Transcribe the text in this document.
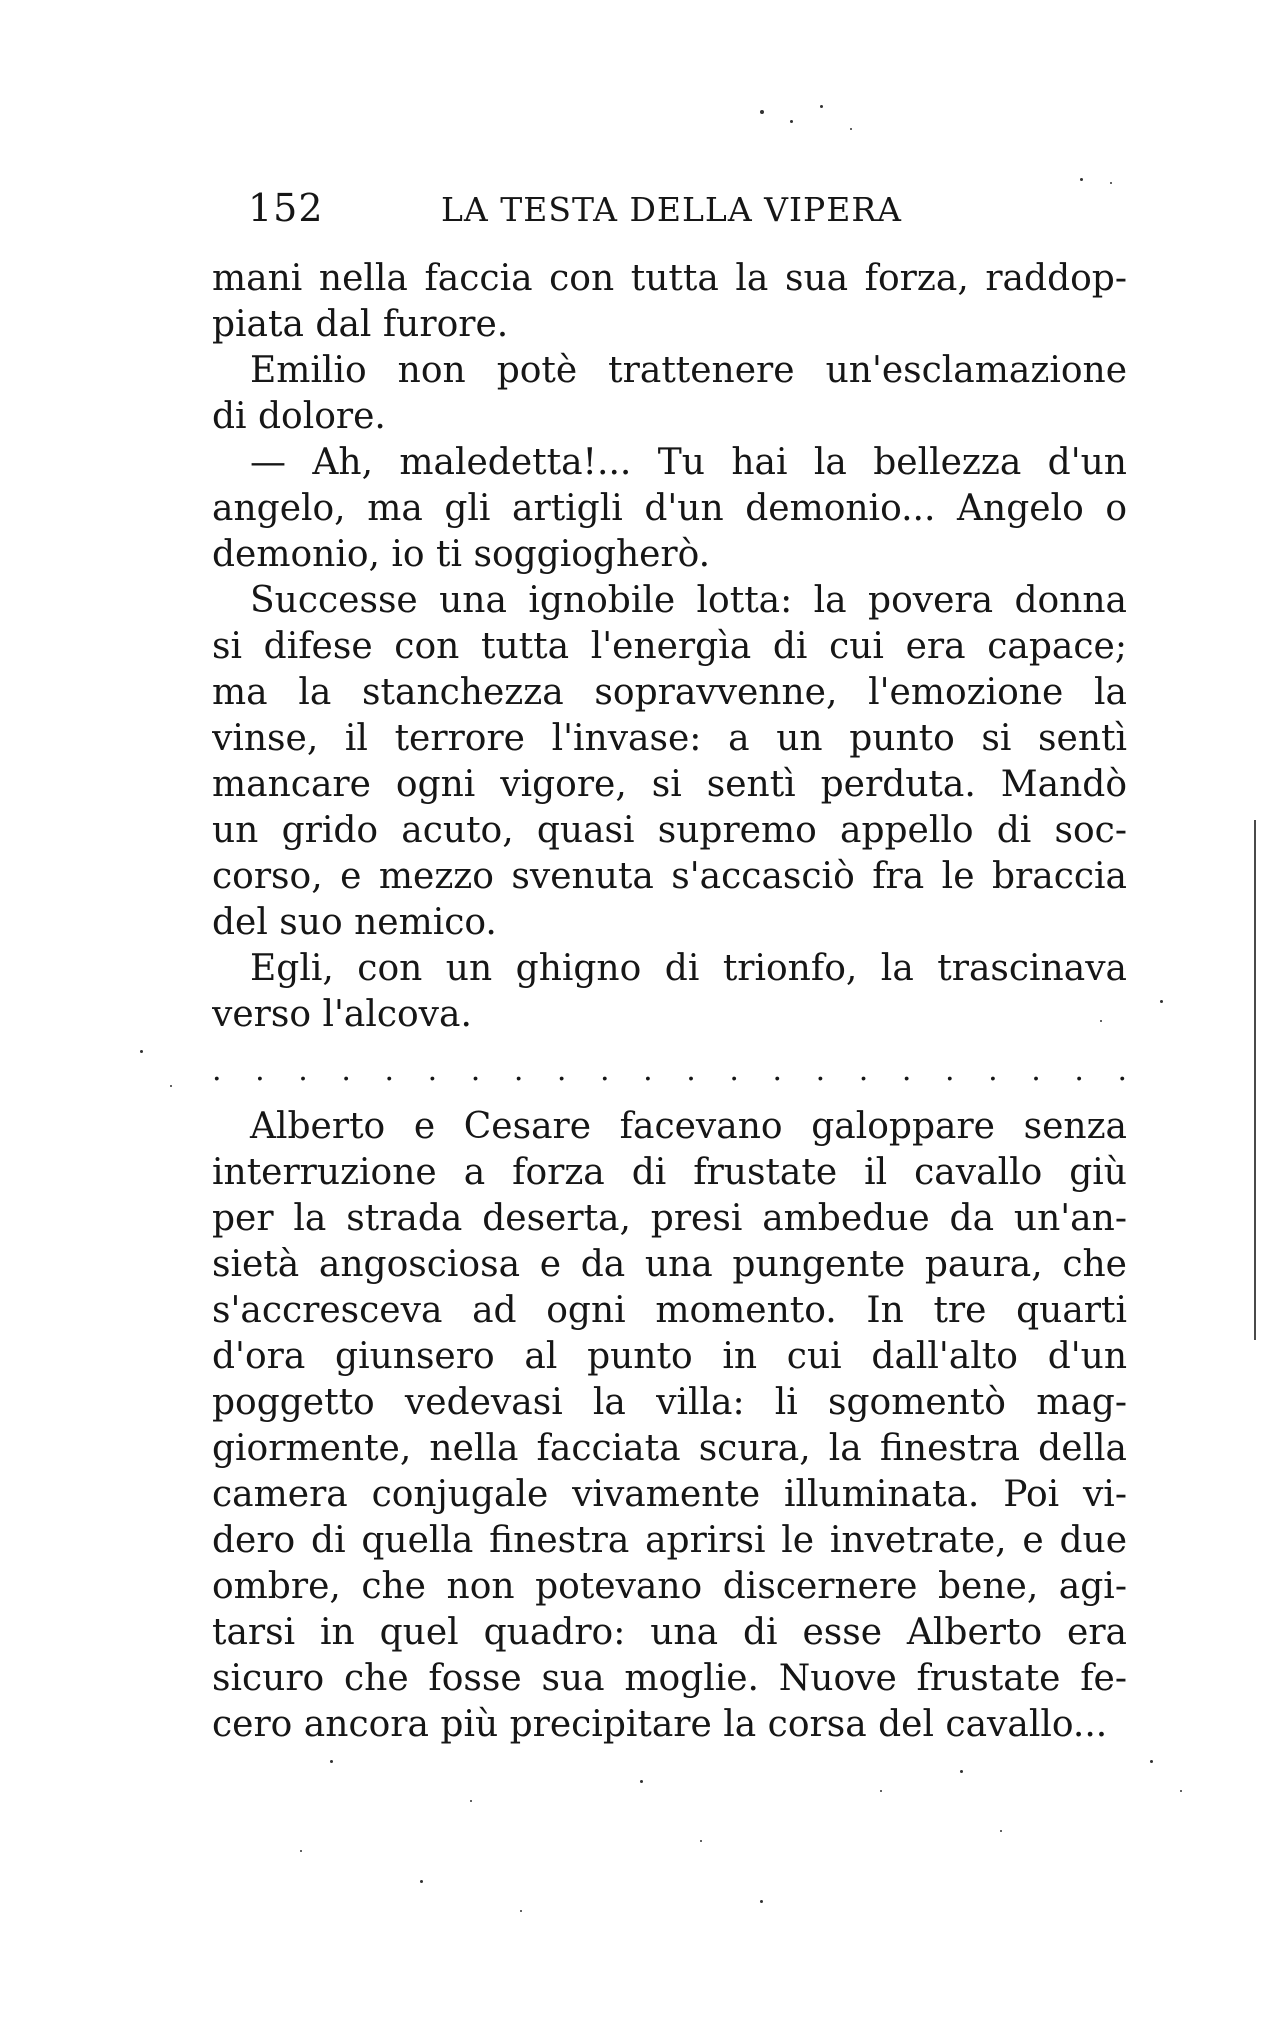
152	LA TESTA DELLA VIPERA
mani nella faccia con tutta la sua forza, raddop-
piata dal furore.
Emilio non potè trattenere un'esclamazione
di dolore.
— Ah, maledetta!... Tu hai la bellezza d'un
angelo, ma gli artigli d'un demonio... Angelo o
demonio, io ti soggiogherò.
Successe una ignobile lotta: la povera donna
si difese con tutta l'energìa di cui era capace;
ma la stanchezza sopravvenne, l'emozione la
vinse, il terrore l'invase: a un punto si sentì
mancare ogni vigore, si sentì perduta. Mandò
un grido acuto, quasi supremo appello di soc-
corso, e mezzo svenuta s'accasciò fra le braccia
del suo nemico.
Egli, con un ghigno di trionfo, la trascinava
verso l'alcova.
. . . . . . . . . . . . . . . . . . . . . .
Alberto e Cesare facevano galoppare senza
interruzione a forza di frustate il cavallo giù
per la strada deserta, presi ambedue da un'an-
sietà angosciosa e da una pungente paura, che
s'accresceva ad ogni momento. In tre quarti
d'ora giunsero al punto in cui dall'alto d'un
poggetto vedevasi la villa: li sgomentò mag-
giormente, nella facciata scura, la finestra della
camera conjugale vivamente illuminata. Poi vi-
dero di quella finestra aprirsi le invetrate, e due
ombre, che non potevano discernere bene, agi-
tarsi in quel quadro: una di esse Alberto era
sicuro che fosse sua moglie. Nuove frustate fe-
cero ancora più precipitare la corsa del cavallo...
